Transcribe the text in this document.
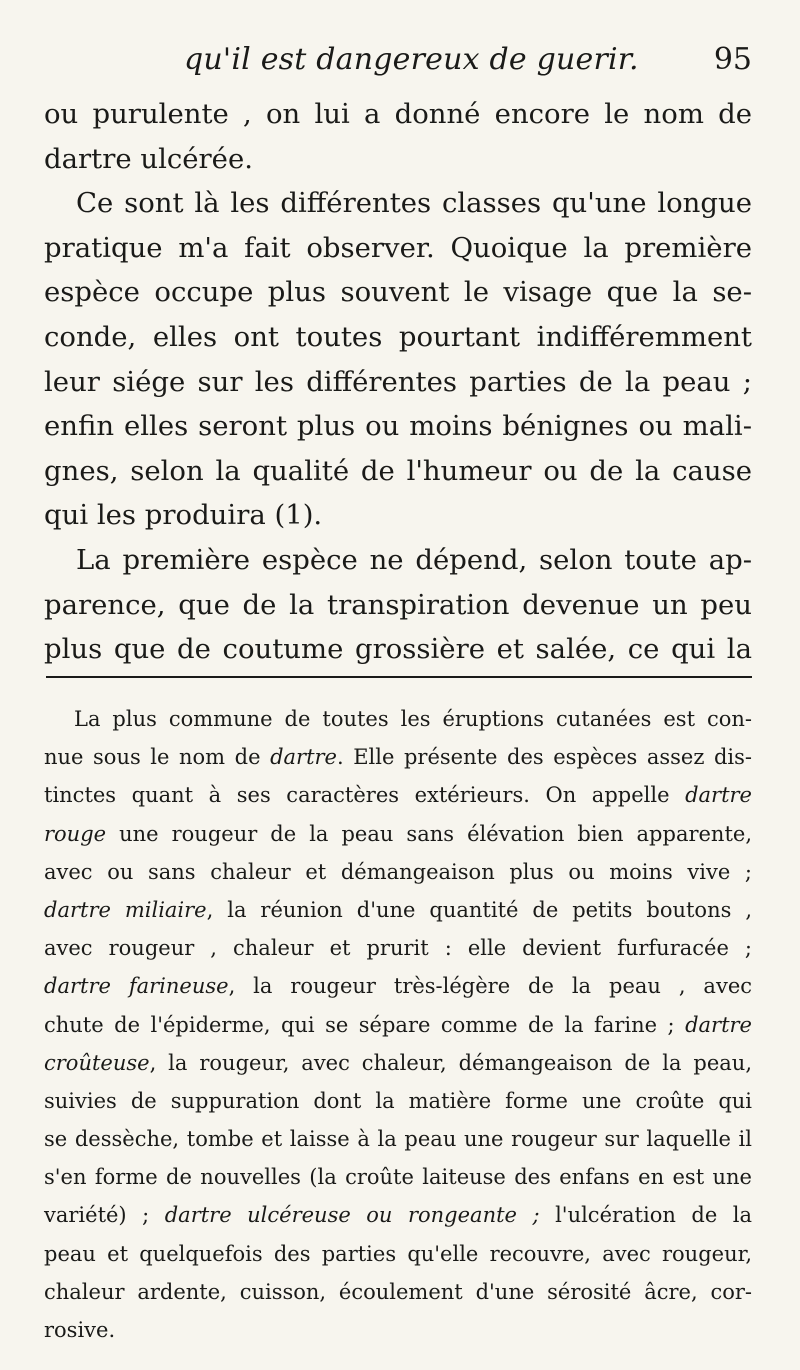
qu'il est dangereux de guerir.	95
ou purulente , on lui a donné encore le nom de
dartre ulcérée.
Ce sont là les différentes classes qu'une longue
pratique m'a fait observer. Quoique la première
espèce occupe plus souvent le visage que la se-
conde, elles ont toutes pourtant indifféremment
leur siége sur les différentes parties de la peau ;
enfin elles seront plus ou moins bénignes ou mali-
gnes, selon la qualité de l'humeur ou de la cause
qui les produira (1).
La première espèce ne dépend, selon toute ap-
parence, que de la transpiration devenue un peu
plus que de coutume grossière et salée, ce qui la
La plus commune de toutes les éruptions cutanées est con-
nue sous le nom de dartre. Elle présente des espèces assez dis-
tinctes quant à ses caractères extérieurs. On appelle dartre
rouge une rougeur de la peau sans élévation bien apparente,
avec ou sans chaleur et démangeaison plus ou moins vive ;
dartre miliaire, la réunion d'une quantité de petits boutons ,
avec rougeur , chaleur et prurit : elle devient furfuracée ;
dartre farineuse, la rougeur très-légère de la peau , avec
chute de l'épiderme, qui se sépare comme de la farine ; dartre
croûteuse, la rougeur, avec chaleur, démangeaison de la peau,
suivies de suppuration dont la matière forme une croûte qui
se dessèche, tombe et laisse à la peau une rougeur sur laquelle il
s'en forme de nouvelles (la croûte laiteuse des enfans en est une
variété) ; dartre ulcéreuse ou rongeante ; l'ulcération de la
peau et quelquefois des parties qu'elle recouvre, avec rougeur,
chaleur ardente, cuisson, écoulement d'une sérosité âcre, cor-
rosive.
